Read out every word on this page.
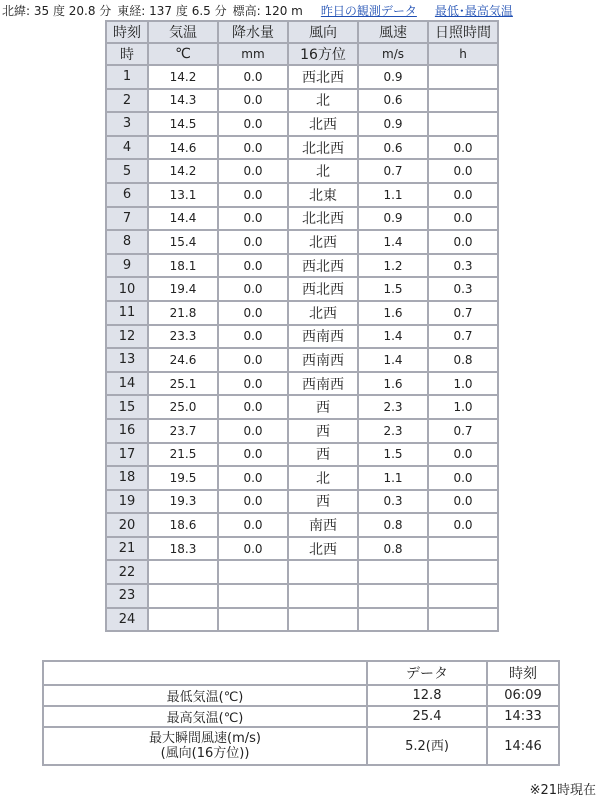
北緯: 35 度 20.8 分 東経: 137 度 6.5 分 標高: 120 m 昨日の観測データ 最低･最高気温
時刻	気温	降水量	風向	風速	日照時間
時	℃	mm	16方位	m/s	h
1	14.2	0.0	西北西	0.9	
2	14.3	0.0	北	0.6	
3	14.5	0.0	北西	0.9	
4	14.6	0.0	北北西	0.6	0.0
5	14.2	0.0	北	0.7	0.0
6	13.1	0.0	北東	1.1	0.0
7	14.4	0.0	北北西	0.9	0.0
8	15.4	0.0	北西	1.4	0.0
9	18.1	0.0	西北西	1.2	0.3
10	19.4	0.0	西北西	1.5	0.3
11	21.8	0.0	北西	1.6	0.7
12	23.3	0.0	西南西	1.4	0.7
13	24.6	0.0	西南西	1.4	0.8
14	25.1	0.0	西南西	1.6	1.0
15	25.0	0.0	西	2.3	1.0
16	23.7	0.0	西	2.3	0.7
17	21.5	0.0	西	1.5	0.0
18	19.5	0.0	北	1.1	0.0
19	19.3	0.0	西	0.3	0.0
20	18.6	0.0	南西	0.8	0.0
21	18.3	0.0	北西	0.8	
22					
23					
24					
	データ	時刻
最低気温(℃)	12.8	06:09
最高気温(℃)	25.4	14:33
最大瞬間風速(m/s)
(風向(16方位))	5.2(西)	14:46
※21時現在
